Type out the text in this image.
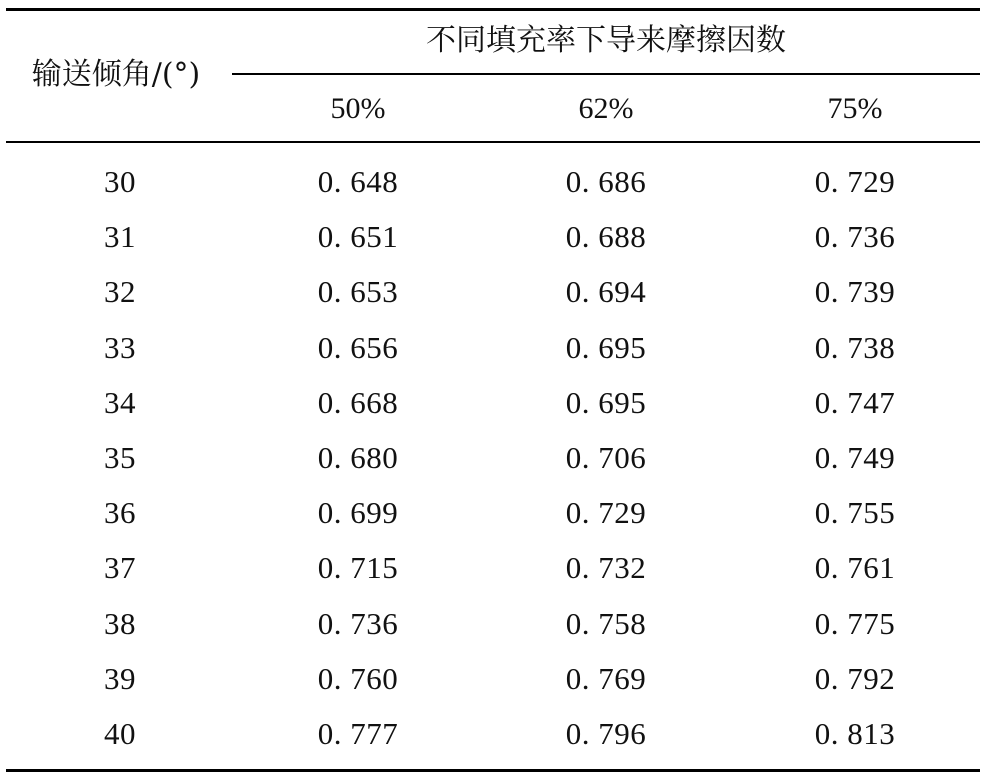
输送倾角/(°)
不同填充率下导来摩擦因数
50%	62%	75%
30	0. 648	0. 686	0. 729
31	0. 651	0. 688	0. 736
32	0. 653	0. 694	0. 739
33	0. 656	0. 695	0. 738
34	0. 668	0. 695	0. 747
35	0. 680	0. 706	0. 749
36	0. 699	0. 729	0. 755
37	0. 715	0. 732	0. 761
38	0. 736	0. 758	0. 775
39	0. 760	0. 769	0. 792
40	0. 777	0. 796	0. 813
